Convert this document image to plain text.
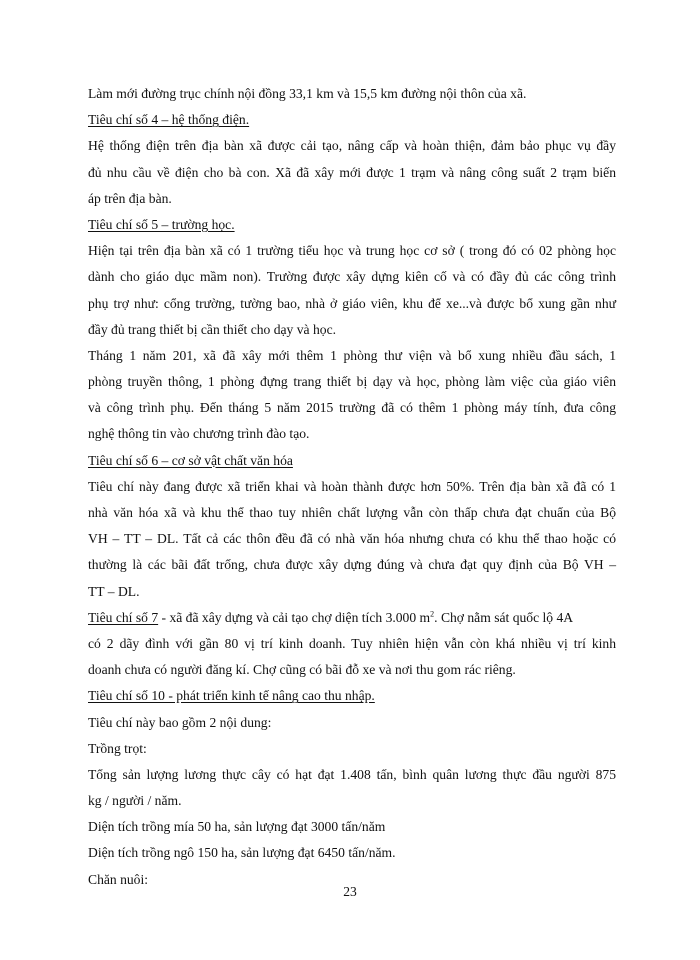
Làm mới đường trục chính nội đồng 33,1 km và 15,5 km đường nội thôn của xã.

Tiêu chí số 4 – hệ thống điện.

Hệ thống điện trên địa bàn xã được cải tạo, nâng cấp và hoàn thiện, đảm bảo phục vụ đầy

đủ nhu cầu về điện cho bà con. Xã đã xây mới được 1 trạm và nâng công suất 2 trạm biến

áp trên địa bàn.

Tiêu chí số 5 – trường học.

Hiện tại trên địa bàn xã có 1 trường tiểu học và trung học cơ sở ( trong đó có 02 phòng học

dành cho giáo dục mầm non). Trường được xây dựng kiên cố và có đầy đủ các công trình

phụ trợ như: cổng trường, tường bao, nhà ở giáo viên, khu để xe...và được bổ xung gần như

đầy đủ trang thiết bị cần thiết cho dạy và học.

Tháng 1 năm 201, xã đã xây mới thêm 1 phòng thư viện và bổ xung nhiều đầu sách, 1

phòng truyền thông, 1 phòng đựng trang thiết bị dạy và học, phòng làm việc của giáo viên

và công trình phụ. Đến tháng 5 năm 2015 trường đã có thêm 1 phòng máy tính, đưa công

nghệ thông tin vào chương trình đào tạo.

Tiêu chí số 6 – cơ sở vật chất văn hóa

Tiêu chí này đang được xã triển khai và hoàn thành được hơn 50%. Trên địa bàn xã đã có 1

nhà văn hóa xã và khu thể thao tuy nhiên chất lượng vẫn còn thấp chưa đạt chuẩn của Bộ

VH – TT – DL. Tất cả các thôn đều đã có nhà văn hóa nhưng chưa có khu thể thao hoặc có

thường là các bãi đất trống, chưa được xây dựng đúng và chưa đạt quy định của Bộ VH –

TT – DL.

Tiêu chí số 7 - xã đã xây dựng và cải tạo chợ diện tích 3.000 $m^2$. Chợ nằm sát quốc lộ 4A

có 2 dãy đình với gần 80 vị trí kinh doanh. Tuy nhiên hiện vẫn còn khá nhiều vị trí kinh

doanh chưa có người đăng kí. Chợ cũng có bãi đỗ xe và nơi thu gom rác riêng.

Tiêu chí số 10 - phát triển kinh tế nâng cao thu nhập.

Tiêu chí này bao gồm 2 nội dung:

Trồng trọt:

Tổng sản lượng lương thực cây có hạt đạt 1.408 tấn, bình quân lương thực đầu người 875

kg / người / năm.

Diện tích trồng mía 50 ha, sản lượng đạt 3000 tấn/năm

Diện tích trồng ngô 150 ha, sản lượng đạt 6450 tấn/năm.

Chăn nuôi:

23
